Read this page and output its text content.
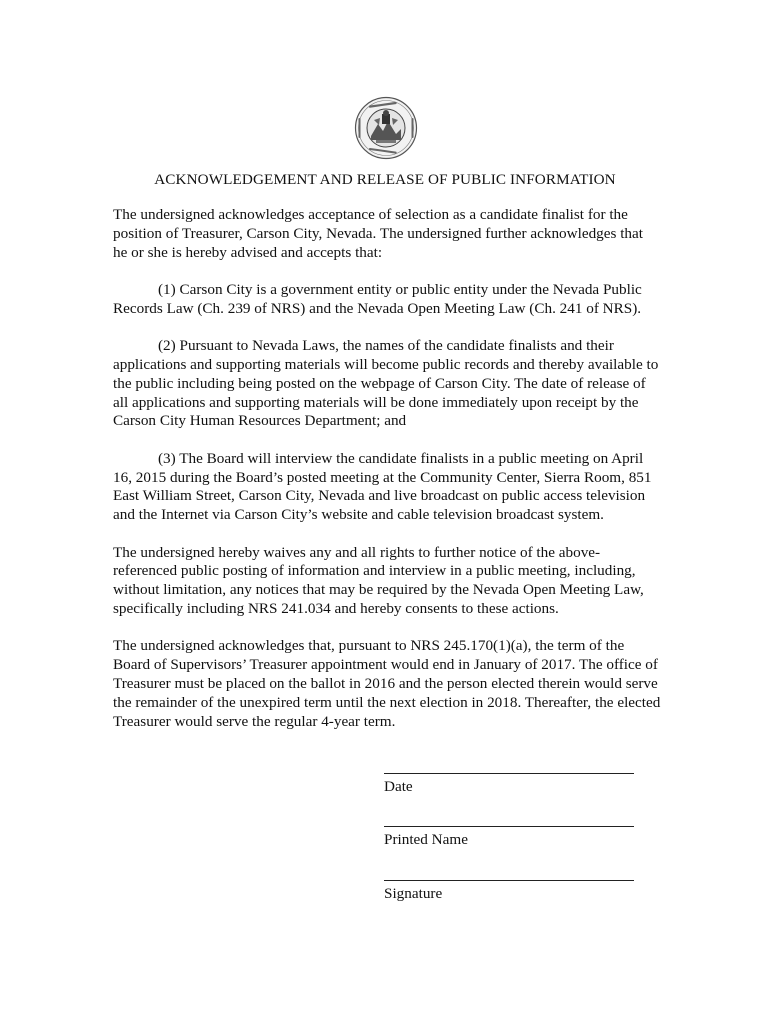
ACKNOWLEDGEMENT AND RELEASE OF PUBLIC INFORMATION

The undersigned acknowledges acceptance of selection as a candidate finalist for the position of Treasurer, Carson City, Nevada. The undersigned further acknowledges that he or she is hereby advised and accepts that:

(1) Carson City is a government entity or public entity under the Nevada Public Records Law (Ch. 239 of NRS) and the Nevada Open Meeting Law (Ch. 241 of NRS).

(2) Pursuant to Nevada Laws, the names of the candidate finalists and their applications and supporting materials will become public records and thereby available to the public including being posted on the webpage of Carson City. The date of release of all applications and supporting materials will be done immediately upon receipt by the Carson City Human Resources Department; and

(3) The Board will interview the candidate finalists in a public meeting on April 16, 2015 during the Board’s posted meeting at the Community Center, Sierra Room, 851 East William Street, Carson City, Nevada and live broadcast on public access television and the Internet via Carson City’s website and cable television broadcast system.

The undersigned hereby waives any and all rights to further notice of the above-referenced public posting of information and interview in a public meeting, including, without limitation, any notices that may be required by the Nevada Open Meeting Law, specifically including NRS 241.034 and hereby consents to these actions.

The undersigned acknowledges that, pursuant to NRS 245.170(1)(a), the term of the Board of Supervisors’ Treasurer appointment would end in January of 2017. The office of Treasurer must be placed on the ballot in 2016 and the person elected therein would serve the remainder of the unexpired term until the next election in 2018. Thereafter, the elected Treasurer would serve the regular 4-year term.

Date
Printed Name
Signature
